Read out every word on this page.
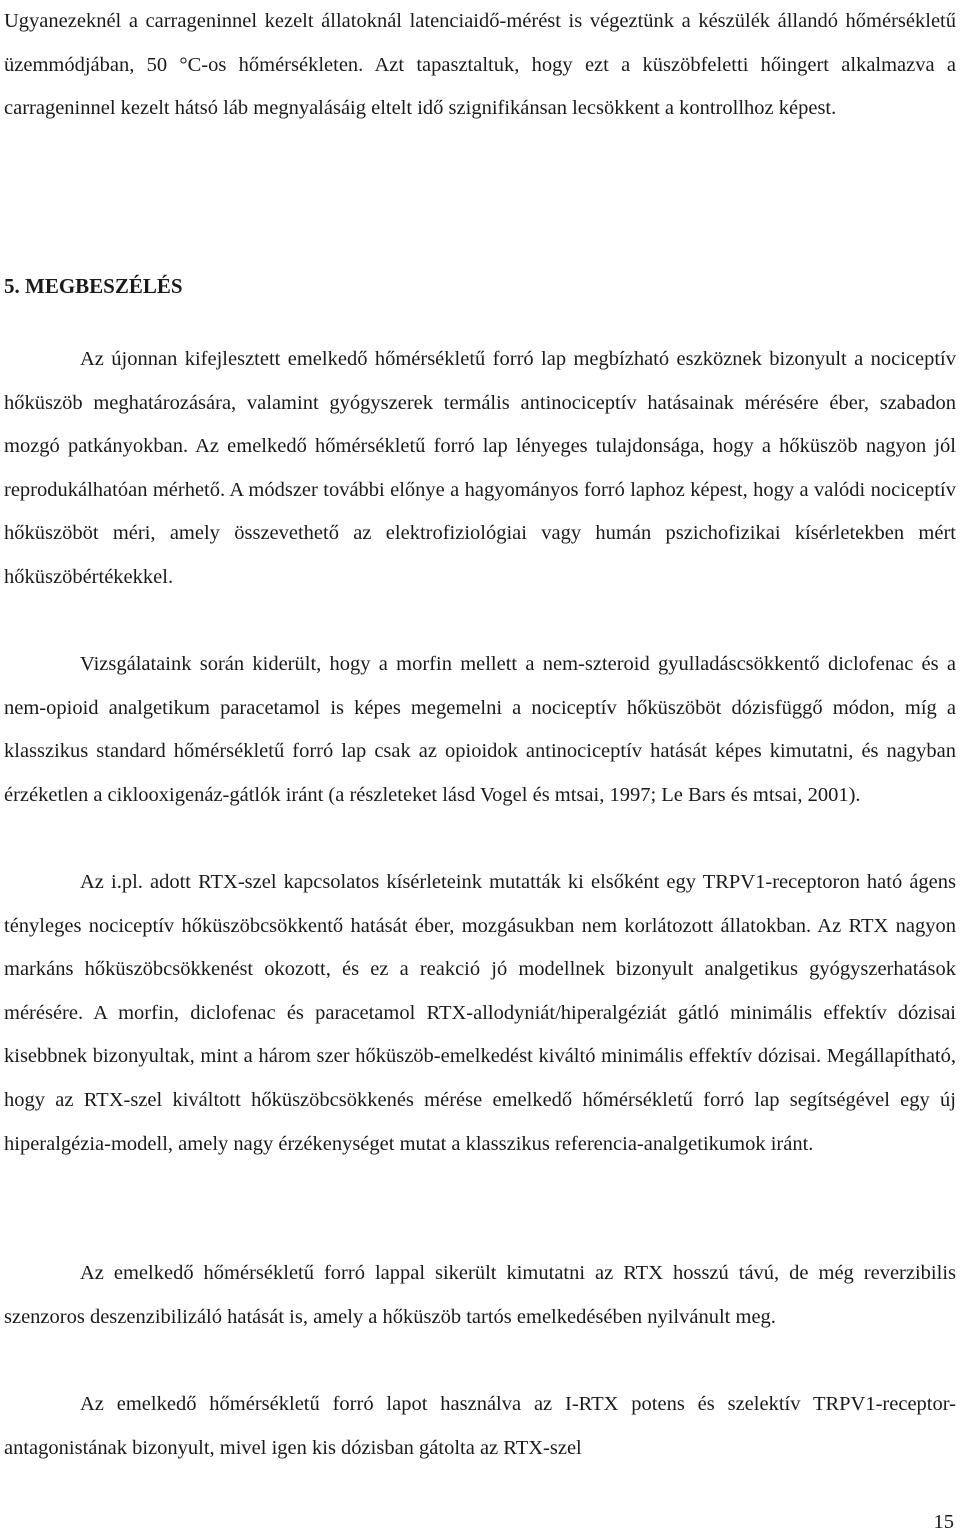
Ugyanezeknél a carrageninnel kezelt állatoknál latenciaidő-mérést is végeztünk a készülék állandó hőmérsékletű üzemmódjában, 50 °C-os hőmérsékleten. Azt tapasztaltuk, hogy ezt a küszöbfeletti hőingert alkalmazva a carrageninnel kezelt hátsó láb megnyalásáig eltelt idő szignifikánsan lecsökkent a kontrollhoz képest.

5. MEGBESZÉLÉS

Az újonnan kifejlesztett emelkedő hőmérsékletű forró lap megbízható eszköznek bizonyult a nociceptív hőküszöb meghatározására, valamint gyógyszerek termális antinociceptív hatásainak mérésére éber, szabadon mozgó patkányokban. Az emelkedő hőmérsékletű forró lap lényeges tulajdonsága, hogy a hőküszöb nagyon jól reprodukálhatóan mérhető. A módszer további előnye a hagyományos forró laphoz képest, hogy a valódi nociceptív hőküszöböt méri, amely összevethető az elektrofiziológiai vagy humán pszichofizikai kísérletekben mért hőküszöbértékekkel.

Vizsgálataink során kiderült, hogy a morfin mellett a nem-szteroid gyulladáscsökkentő diclofenac és a nem-opioid analgetikum paracetamol is képes megemelni a nociceptív hőküszöböt dózisfüggő módon, míg a klasszikus standard hőmérsékletű forró lap csak az opioidok antinociceptív hatását képes kimutatni, és nagyban érzéketlen a ciklooxigenáz-gátlók iránt (a részleteket lásd Vogel és mtsai, 1997; Le Bars és mtsai, 2001).

Az i.pl. adott RTX-szel kapcsolatos kísérleteink mutatták ki elsőként egy TRPV1-receptoron ható ágens tényleges nociceptív hőküszöbcsökkentő hatását éber, mozgásukban nem korlátozott állatokban. Az RTX nagyon markáns hőküszöbcsökkenést okozott, és ez a reakció jó modellnek bizonyult analgetikus gyógyszerhatások mérésére. A morfin, diclofenac és paracetamol RTX-allodyniát/hiperalgéziát gátló minimális effektív dózisai kisebbnek bizonyultak, mint a három szer hőküszöb-emelkedést kiváltó minimális effektív dózisai. Megállapítható, hogy az RTX-szel kiváltott hőküszöbcsökkenés mérése emelkedő hőmérsékletű forró lap segítségével egy új hiperalgézia-modell, amely nagy érzékenységet mutat a klasszikus referencia-analgetikumok iránt.

Az emelkedő hőmérsékletű forró lappal sikerült kimutatni az RTX hosszú távú, de még reverzibilis szenzoros deszenzibilizáló hatását is, amely a hőküszöb tartós emelkedésében nyilvánult meg.

Az emelkedő hőmérsékletű forró lapot használva az I-RTX potens és szelektív TRPV1-receptor-antagonistának bizonyult, mivel igen kis dózisban gátolta az RTX-szel

15
